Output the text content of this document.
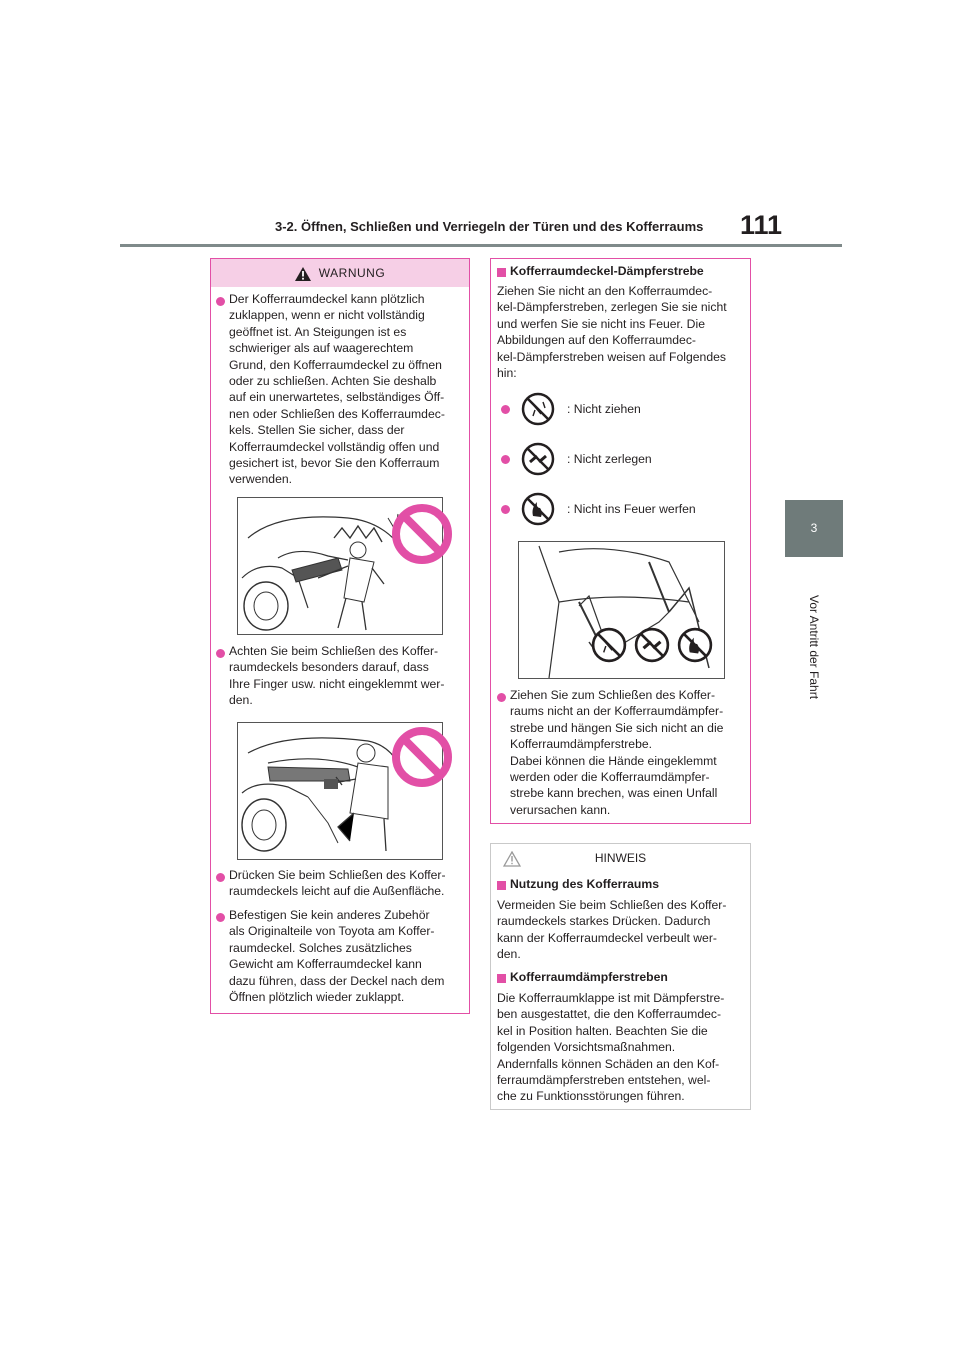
3-2. Öffnen, Schließen und Verriegeln der Türen und des Kofferraums 111
3
Vor Antritt der Fahrt
WARNUNG
Der Kofferraumdeckel kann plötzlich
zuklappen, wenn er nicht vollständig
geöffnet ist. An Steigungen ist es
schwieriger als auf waagerechtem
Grund, den Kofferraumdeckel zu öffnen
oder zu schließen. Achten Sie deshalb
auf ein unerwartetes, selbständiges Öff-
nen oder Schließen des Kofferraumdec-
kels. Stellen Sie sicher, dass der
Kofferraumdeckel vollständig offen und
gesichert ist, bevor Sie den Kofferraum
verwenden.
Achten Sie beim Schließen des Koffer-
raumdeckels besonders darauf, dass
Ihre Finger usw. nicht eingeklemmt wer-
den.
Drücken Sie beim Schließen des Koffer-
raumdeckels leicht auf die Außenfläche.
Befestigen Sie kein anderes Zubehör
als Originalteile von Toyota am Koffer-
raumdeckel. Solches zusätzliches
Gewicht am Kofferraumdeckel kann
dazu führen, dass der Deckel nach dem
Öffnen plötzlich wieder zuklappt.
Kofferraumdeckel-Dämpferstrebe
Ziehen Sie nicht an den Kofferraumdec-
kel-Dämpferstreben, zerlegen Sie sie nicht
und werfen Sie sie nicht ins Feuer. Die
Abbildungen auf den Kofferraumdec-
kel-Dämpferstreben weisen auf Folgendes
hin:
: Nicht ziehen
: Nicht zerlegen
: Nicht ins Feuer werfen
Ziehen Sie zum Schließen des Koffer-
raums nicht an der Kofferraumdämpfer-
strebe und hängen Sie sich nicht an die
Kofferraumdämpferstrebe.
Dabei können die Hände eingeklemmt
werden oder die Kofferraumdämpfer-
strebe kann brechen, was einen Unfall
verursachen kann.
HINWEIS
Nutzung des Kofferraums
Vermeiden Sie beim Schließen des Koffer-
raumdeckels starkes Drücken. Dadurch
kann der Kofferraumdeckel verbeult wer-
den.
Kofferraumdämpferstreben
Die Kofferraumklappe ist mit Dämpferstre-
ben ausgestattet, die den Kofferraumdec-
kel in Position halten. Beachten Sie die
folgenden Vorsichtsmaßnahmen.
Andernfalls können Schäden an den Kof-
ferraumdämpferstreben entstehen, wel-
che zu Funktionsstörungen führen.
